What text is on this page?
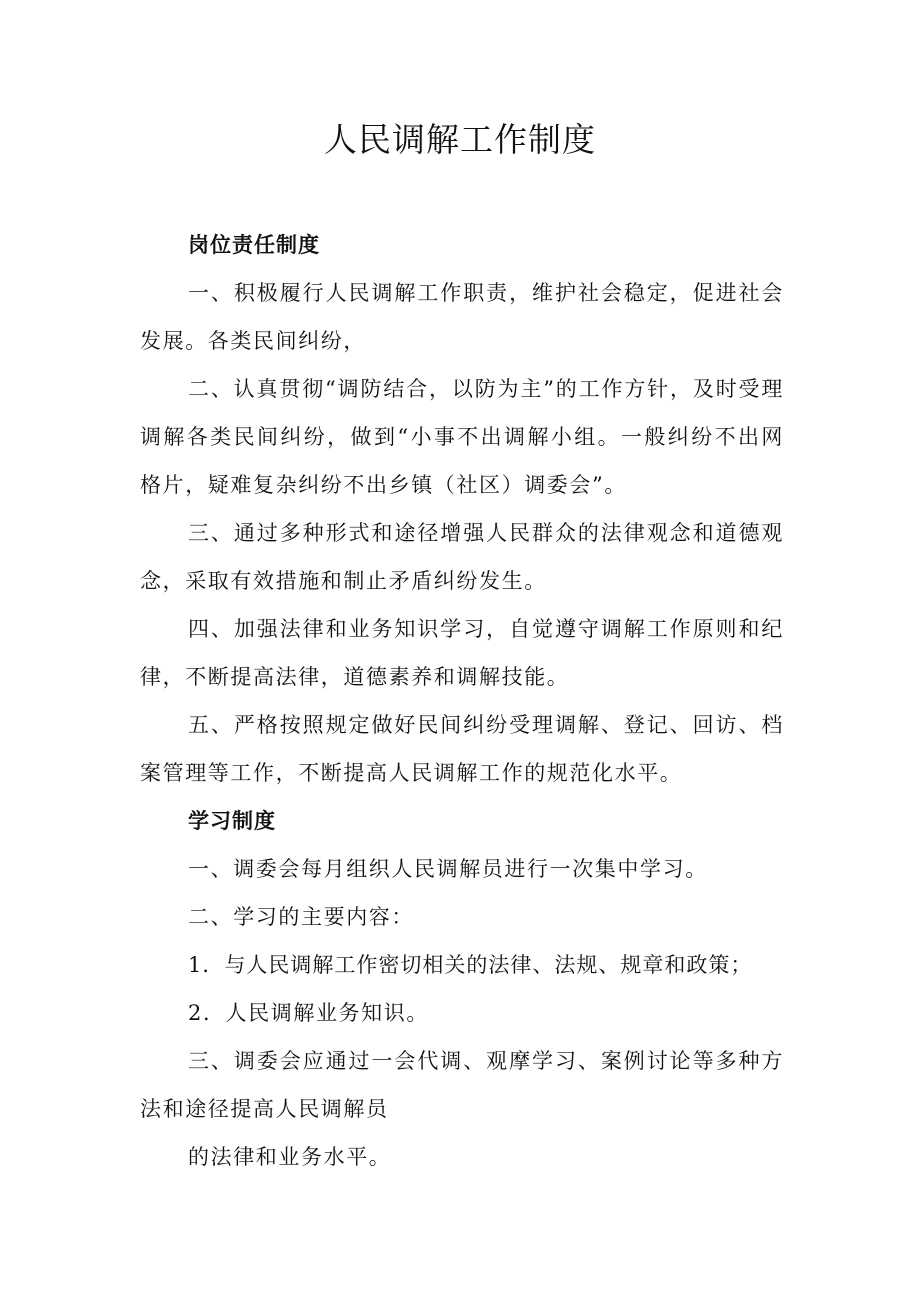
人民调解工作制度

岗位责任制度

一、积极履行人民调解工作职责，维护社会稳定，促进社会发展。各类民间纠纷，

二、认真贯彻“调防结合，以防为主”的工作方针，及时受理调解各类民间纠纷，做到“小事不出调解小组。一般纠纷不出网格片，疑难复杂纠纷不出乡镇（社区）调委会”。

三、通过多种形式和途径增强人民群众的法律观念和道德观念，采取有效措施和制止矛盾纠纷发生。

四、加强法律和业务知识学习，自觉遵守调解工作原则和纪律，不断提高法律，道德素养和调解技能。

五、严格按照规定做好民间纠纷受理调解、登记、回访、档案管理等工作，不断提高人民调解工作的规范化水平。

学习制度

一、调委会每月组织人民调解员进行一次集中学习。

二、学习的主要内容：

1．与人民调解工作密切相关的法律、法规、规章和政策；

2．人民调解业务知识。

三、调委会应通过一会代调、观摩学习、案例讨论等多种方法和途径提高人民调解员

的法律和业务水平。
